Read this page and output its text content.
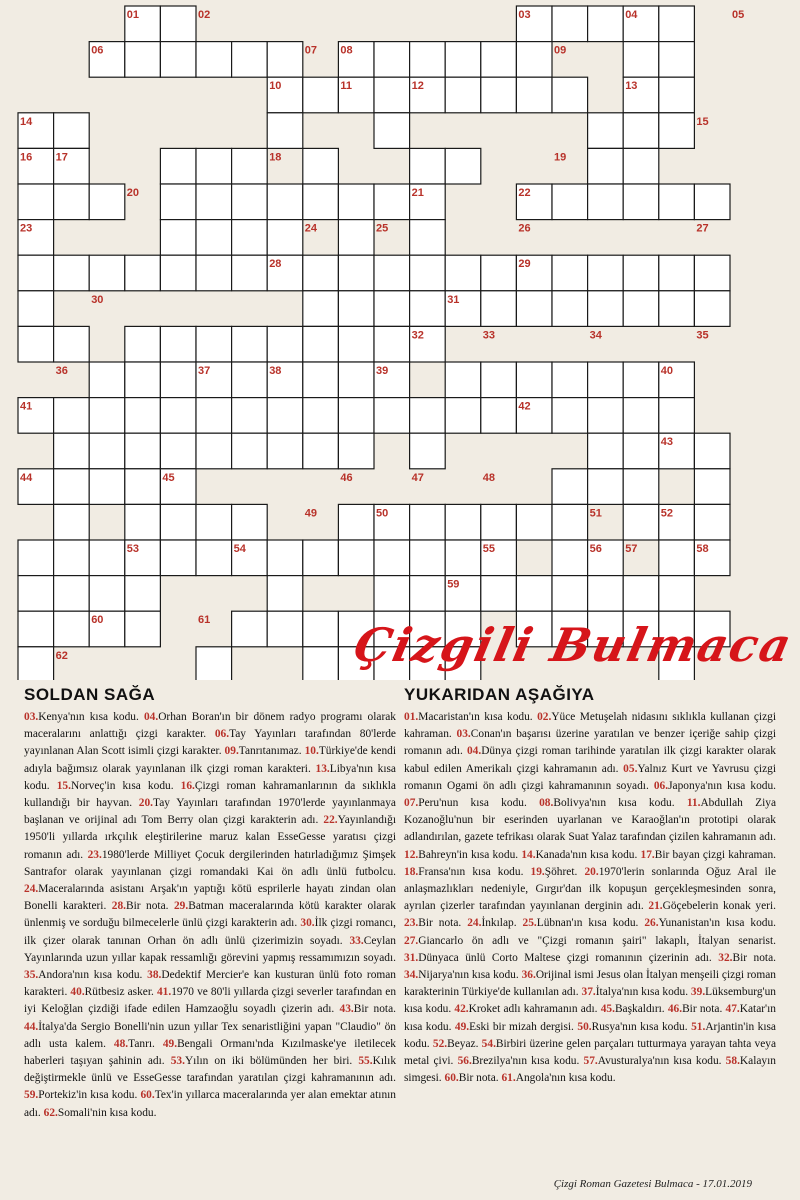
01	02	03	04	05
06	07 08	09
10	11	12	13
14	15
16 17	18	19
20	21	22
23	24	25	26	27
28	29
30	31
32	33	34	35
36	37	38	39	40
41	42
43
44	45	46	47	48
49	50	51	52
53	54	55	56 57	58
59
60	61
62	Çizgili Bulmaca
SOLDAN SAĞA

03.Kenya'nın kısa kodu. 04.Orhan Boran'ın bir dönem radyo programı olarak maceralarını anlattığı çizgi karakter. 06.Tay Yayınları tarafından 80'lerde yayınlanan Alan Scott isimli çizgi karakter. 09.Tanrıtanımaz. 10.Türkiye'de kendi adıyla bağımsız olarak yayınlanan ilk çizgi roman karakteri. 13.Libya'nın kısa kodu. 15.Norveç'in kısa kodu. 16.Çizgi roman kahramanlarının da sıklıkla kullandığı bir hayvan. 20.Tay Yayınları tarafından 1970'lerde yayınlanmaya başlanan ve orijinal adı Tom Berry olan çizgi karakterin adı. 22.Yayınlandığı 1950'li yıllarda ırkçılık eleştirilerine maruz kalan EsseGesse yaratısı çizgi romanın adı. 23.1980'lerde Milliyet Çocuk dergilerinden hatırladığımız Şimşek Santrafor olarak yayınlanan çizgi romandaki Kai ön adlı ünlü futbolcu. 24.Maceralarında asistanı Arşak'ın yaptığı kötü esprilerle hayatı zindan olan Bonelli karakteri. 28.Bir nota. 29.Batman maceralarında kötü karakter olarak ünlenmiş ve sorduğu bilmecelerle ünlü çizgi karakterin adı. 30.İlk çizgi romancı, ilk çizer olarak tanınan Orhan ön adlı ünlü çizerimizin soyadı. 33.Ceylan Yayınlarında uzun yıllar kapak ressamlığı görevini yapmış ressamımızın soyadı. 35.Andora'nın kısa kodu. 38.Dedektif Mercier'e kan kusturan ünlü foto roman karakteri. 40.Rütbesiz asker. 41.1970 ve 80'li yıllarda çizgi severler tarafından en iyi Keloğlan çizdiği ifade edilen Hamzaoğlu soyadlı çizerin adı. 43.Bir nota. 44.İtalya'da Sergio Bonelli'nin uzun yıllar Tex senaristliğini yapan "Claudio" ön adlı usta kalem. 48.Tanrı. 49.Bengali Ormanı'nda Kızılmaske'ye iletilecek haberleri taşıyan şahinin adı. 53.Yılın on iki bölümünden her biri. 55.Kılık değiştirmekle ünlü ve EsseGesse tarafından yaratılan çizgi kahramanının adı. 59.Portekiz'in kısa kodu. 60.Tex'in yıllarca maceralarında yer alan emektar atının adı. 62.Somali'nin kısa kodu.

YUKARIDAN AŞAĞIYA

01.Macaristan'ın kısa kodu. 02.Yüce Metuşelah nidasını sıklıkla kullanan çizgi kahraman. 03.Conan'ın başarısı üzerine yaratılan ve benzer içeriğe sahip çizgi romanın adı. 04.Dünya çizgi roman tarihinde yaratılan ilk çizgi karakter olarak kabul edilen Amerikalı çizgi kahramanın adı. 05.Yalnız Kurt ve Yavrusu çizgi romanın Ogami ön adlı çizgi kahramanının soyadı. 06.Japonya'nın kısa kodu. 07.Peru'nun kısa kodu. 08.Bolivya'nın kısa kodu. 11.Abdullah Ziya Kozanoğlu'nun bir eserinden uyarlanan ve Karaoğlan'ın prototipi olarak adlandırılan, gazete tefrikası olarak Suat Yalaz tarafından çizilen kahramanın adı. 12.Bahreyn'in kısa kodu. 14.Kanada'nın kısa kodu. 17.Bir bayan çizgi kahraman. 18.Fransa'nın kısa kodu. 19.Şöhret. 20.1970'lerin sonlarında Oğuz Aral ile anlaşmazlıkları nedeniyle, Gırgır'dan ilk kopuşun gerçekleşmesinden sonra, ayrılan çizerler tarafından yayınlanan derginin adı. 21.Göçebelerin konak yeri. 23.Bir nota. 24.İnkılap. 25.Lübnan'ın kısa kodu. 26.Yunanistan'ın kısa kodu. 27.Giancarlo ön adlı ve "Çizgi romanın şairi" lakaplı, İtalyan senarist. 31.Dünyaca ünlü Corto Maltese çizgi romanının çizerinin adı. 32.Bir nota. 34.Nijarya'nın kısa kodu. 36.Orijinal ismi Jesus olan İtalyan menşeili çizgi roman karakterinin Türkiye'de kullanılan adı. 37.İtalya'nın kısa kodu. 39.Lüksemburg'un kısa kodu. 42.Kroket adlı kahramanın adı. 45.Başkaldırı. 46.Bir nota. 47.Katar'ın kısa kodu. 49.Eski bir mizah dergisi. 50.Rusya'nın kısa kodu. 51.Arjantin'in kısa kodu. 52.Beyaz. 54.Birbiri üzerine gelen parçaları tutturmaya yarayan tahta veya metal çivi. 56.Brezilya'nın kısa kodu. 57.Avusturalya'nın kısa kodu. 58.Kalayın simgesi. 60.Bir nota. 61.Angola'nın kısa kodu.

Çizgi Roman Gazetesi Bulmaca - 17.01.2019
